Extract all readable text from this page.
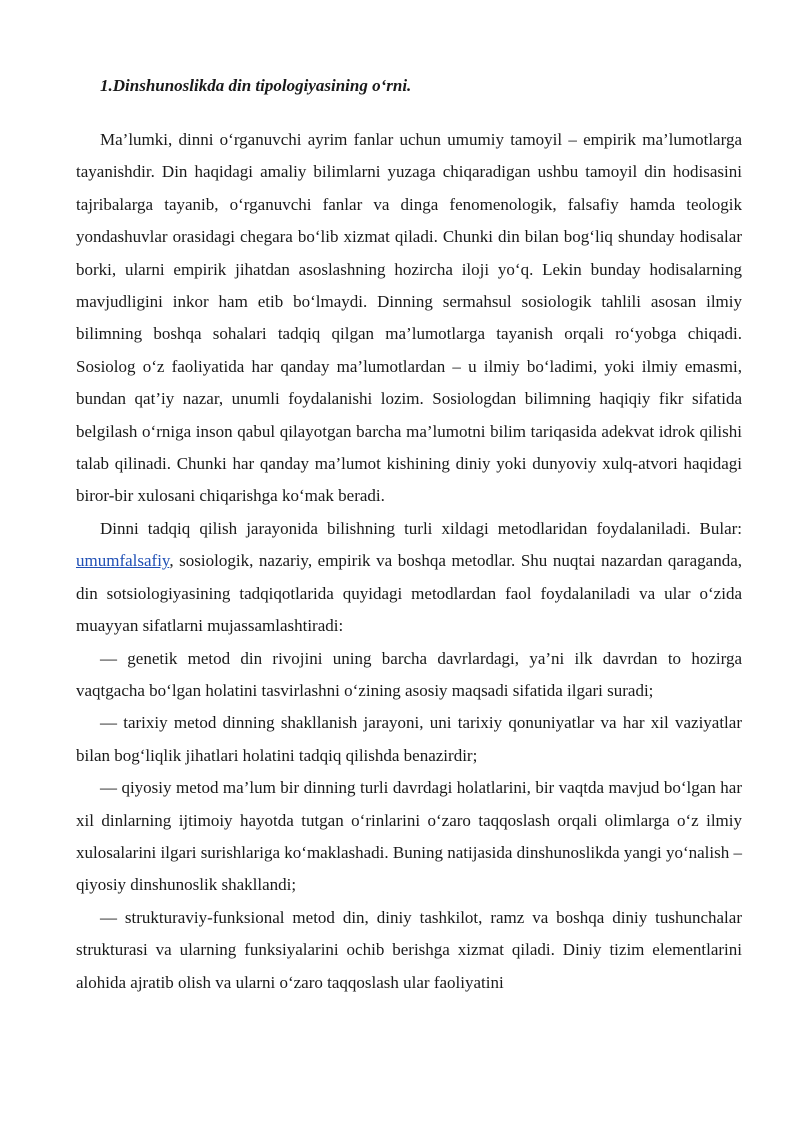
1.Dinshunoslikda din tipologiyasining o‘rni.

Ma’lumki, dinni o‘rganuvchi ayrim fanlar uchun umumiy tamoyil – empirik ma’lumotlarga tayanishdir. Din haqidagi amaliy bilimlarni yuzaga chiqaradigan ushbu tamoyil din hodisasini tajribalarga tayanib, o‘rganuvchi fanlar va dinga fenomenologik, falsafiy hamda teologik yondashuvlar orasidagi chegara bo‘lib xizmat qiladi. Chunki din bilan bog‘liq shunday hodisalar borki, ularni empirik jihatdan asoslashning hozircha iloji yo‘q. Lekin bunday hodisalarning mavjudligini inkor ham etib bo‘lmaydi. Dinning sermahsul sosiologik tahlili asosan ilmiy bilimning boshqa sohalari tadqiq qilgan ma’lumotlarga tayanish orqali ro‘yobga chiqadi. Sosiolog o‘z faoliyatida har qanday ma’lumotlardan – u ilmiy bo‘ladimi, yoki ilmiy emasmi, bundan qat’iy nazar, unumli foydalanishi lozim. Sosiologdan bilimning haqiqiy fikr sifatida belgilash o‘rniga inson qabul qilayotgan barcha ma’lumotni bilim tariqasida adekvat idrok qilishi talab qilinadi. Chunki har qanday ma’lumot kishining diniy yoki dunyoviy xulq-atvori haqidagi biror-bir xulosani chiqarishga ko‘mak beradi.

Dinni tadqiq qilish jarayonida bilishning turli xildagi metodlaridan foydalaniladi. Bular: umumfalsafiy, sosiologik, nazariy, empirik va boshqa metodlar. Shu nuqtai nazardan qaraganda, din sotsiologiyasining tadqiqotlarida quyidagi metodlardan faol foydalaniladi va ular o‘zida muayyan sifatlarni mujassamlashtiradi:

— genetik metod din rivojini uning barcha davrlardagi, ya’ni ilk davrdan to hozirga vaqtgacha bo‘lgan holatini tasvirlashni o‘zining asosiy maqsadi sifatida ilgari suradi;

— tarixiy metod dinning shakllanish jarayoni, uni tarixiy qonuniyatlar va har xil vaziyatlar bilan bog‘liqlik jihatlari holatini tadqiq qilishda benazirdir;

— qiyosiy metod ma’lum bir dinning turli davrdagi holatlarini, bir vaqtda mavjud bo‘lgan har xil dinlarning ijtimoiy hayotda tutgan o‘rinlarini o‘zaro taqqoslash orqali olimlarga o‘z ilmiy xulosalarini ilgari surishlariga ko‘maklashadi. Buning natijasida dinshunoslikda yangi yo‘nalish – qiyosiy dinshunoslik shakllandi;

— strukturaviy-funksional metod din, diniy tashkilot, ramz va boshqa diniy tushunchalar strukturasi va ularning funksiyalarini ochib berishga xizmat qiladi. Diniy tizim elementlarini alohida ajratib olish va ularni o‘zaro taqqoslash ular faoliyatini
